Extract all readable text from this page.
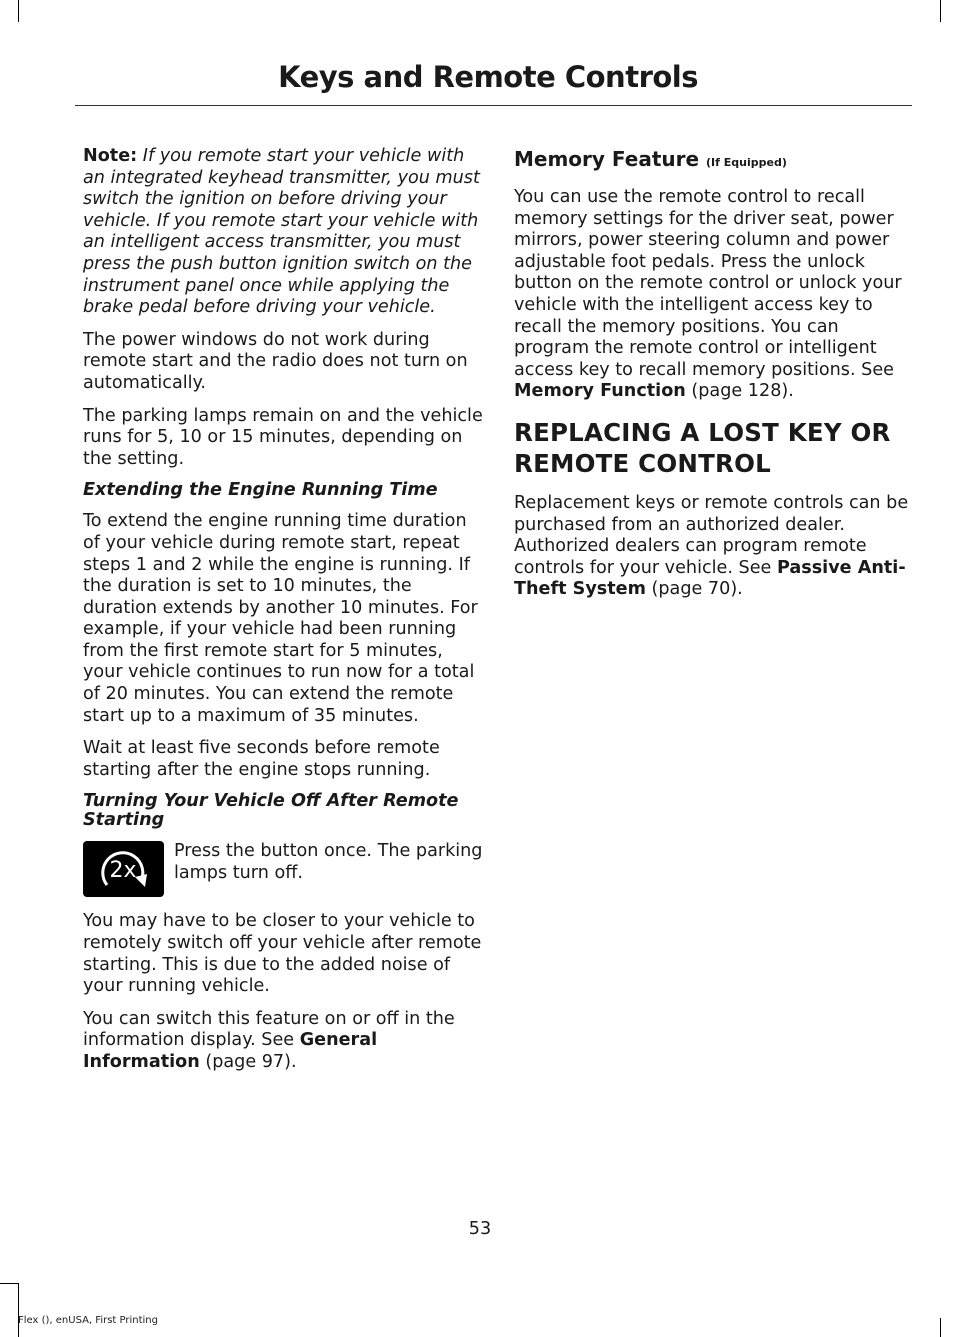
Keys and Remote Controls

Note: If you remote start your vehicle with an integrated keyhead transmitter, you must switch the ignition on before driving your vehicle. If you remote start your vehicle with an intelligent access transmitter, you must press the push button ignition switch on the instrument panel once while applying the brake pedal before driving your vehicle.

The power windows do not work during remote start and the radio does not turn on automatically.

The parking lamps remain on and the vehicle runs for 5, 10 or 15 minutes, depending on the setting.

Extending the Engine Running Time

To extend the engine running time duration of your vehicle during remote start, repeat steps 1 and 2 while the engine is running. If the duration is set to 10 minutes, the duration extends by another 10 minutes. For example, if your vehicle had been running from the first remote start for 5 minutes, your vehicle continues to run now for a total of 20 minutes. You can extend the remote start up to a maximum of 35 minutes.

Wait at least five seconds before remote starting after the engine stops running.

Turning Your Vehicle Off After Remote Starting
2x

Press the button once. The parking lamps turn off.

You may have to be closer to your vehicle to remotely switch off your vehicle after remote starting. This is due to the added noise of your running vehicle.

You can switch this feature on or off in the information display. See General Information (page 97).

Memory Feature (If Equipped)

You can use the remote control to recall memory settings for the driver seat, power mirrors, power steering column and power adjustable foot pedals. Press the unlock button on the remote control or unlock your vehicle with the intelligent access key to recall the memory positions. You can program the remote control or intelligent access key to recall memory positions. See Memory Function (page 128).

REPLACING A LOST KEY OR
REMOTE CONTROL

Replacement keys or remote controls can be purchased from an authorized dealer. Authorized dealers can program remote controls for your vehicle. See Passive Anti-Theft System (page 70).

53
Flex (), enUSA, First Printing
